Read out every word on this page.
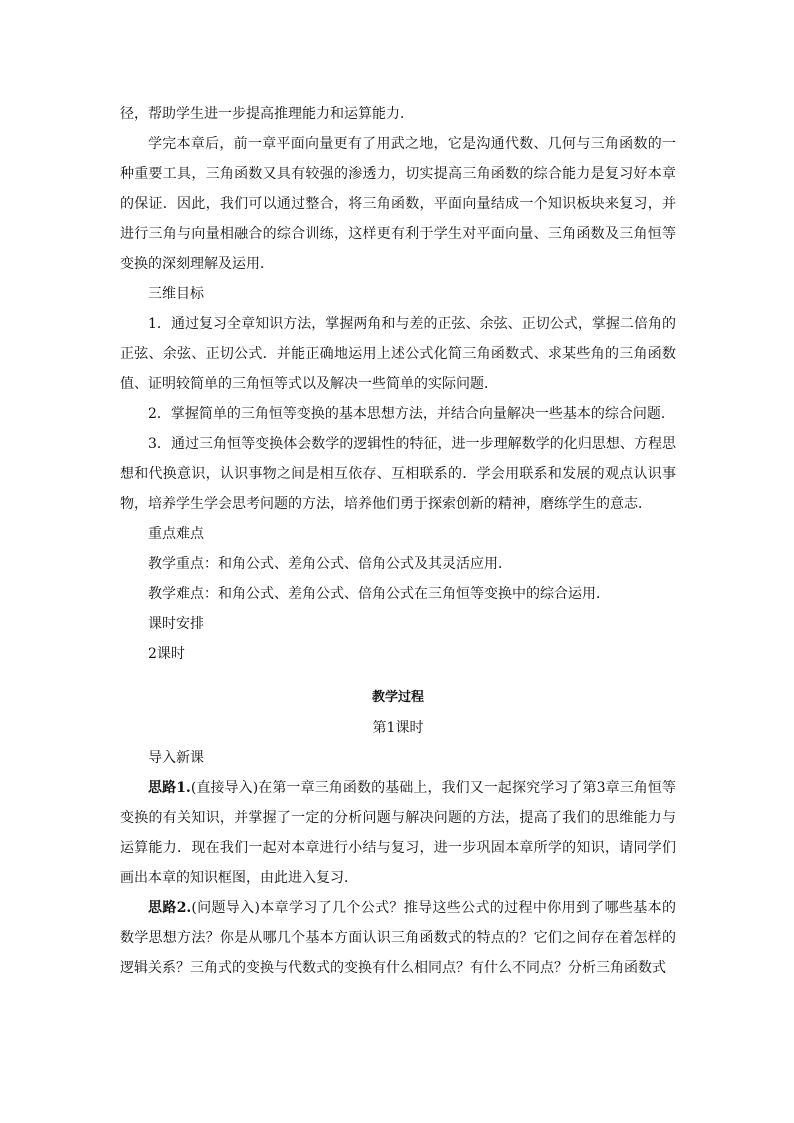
径，帮助学生进一步提高推理能力和运算能力．

学完本章后，前一章平面向量更有了用武之地，它是沟通代数、几何与三角函数的一种重要工具，三角函数又具有较强的渗透力，切实提高三角函数的综合能力是复习好本章的保证．因此，我们可以通过整合，将三角函数，平面向量结成一个知识板块来复习，并进行三角与向量相融合的综合训练，这样更有利于学生对平面向量、三角函数及三角恒等变换的深刻理解及运用．

三维目标

1．通过复习全章知识方法，掌握两角和与差的正弦、余弦、正切公式，掌握二倍角的正弦、余弦、正切公式．并能正确地运用上述公式化简三角函数式、求某些角的三角函数值、证明较简单的三角恒等式以及解决一些简单的实际问题．

2．掌握简单的三角恒等变换的基本思想方法，并结合向量解决一些基本的综合问题．

3．通过三角恒等变换体会数学的逻辑性的特征，进一步理解数学的化归思想、方程思想和代换意识，认识事物之间是相互依存、互相联系的．学会用联系和发展的观点认识事物，培养学生学会思考问题的方法，培养他们勇于探索创新的精神，磨练学生的意志．

重点难点

教学重点：和角公式、差角公式、倍角公式及其灵活应用．

教学难点：和角公式、差角公式、倍角公式在三角恒等变换中的综合运用．

课时安排

2课时

教学过程

第1课时

导入新课

思路1.(直接导入)在第一章三角函数的基础上，我们又一起探究学习了第3章三角恒等变换的有关知识，并掌握了一定的分析问题与解决问题的方法，提高了我们的思维能力与运算能力．现在我们一起对本章进行小结与复习，进一步巩固本章所学的知识，请同学们画出本章的知识框图，由此进入复习．

思路2.(问题导入)本章学习了几个公式？推导这些公式的过程中你用到了哪些基本的数学思想方法？你是从哪几个基本方面认识三角函数式的特点的？它们之间存在着怎样的逻辑关系？三角式的变换与代数式的变换有什么相同点？有什么不同点？分析三角函数式
